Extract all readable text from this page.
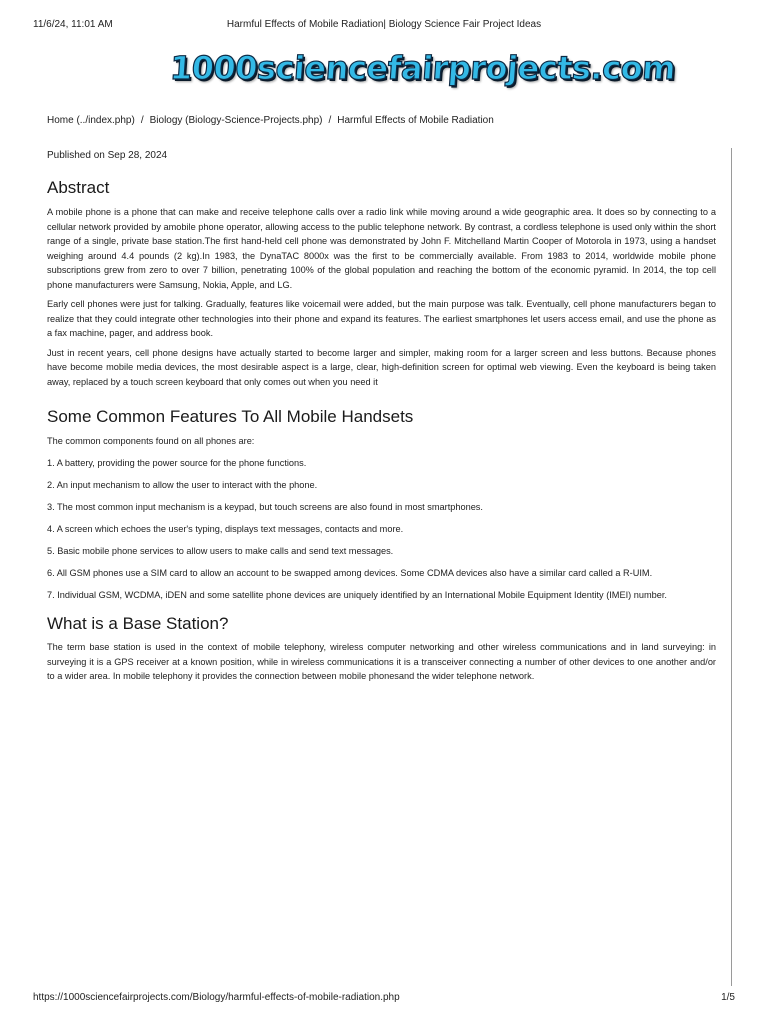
11/6/24, 11:01 AM	Harmful Effects of Mobile Radiation| Biology Science Fair Project Ideas
1000sciencefairprojects.com
Home (../index.php) / Biology (Biology-Science-Projects.php) / Harmful Effects of Mobile Radiation
Published on Sep 28, 2024
Abstract

A mobile phone is a phone that can make and receive telephone calls over a radio link while moving around a wide geographic area. It does so by connecting to a cellular network provided by amobile phone operator, allowing access to the public telephone network. By contrast, a cordless telephone is used only within the short range of a single, private base station.The first hand-held cell phone was demonstrated by John F. Mitchelland Martin Cooper of Motorola in 1973, using a handset weighing around 4.4 pounds (2 kg).In 1983, the DynaTAC 8000x was the first to be commercially available. From 1983 to 2014, worldwide mobile phone subscriptions grew from zero to over 7 billion, penetrating 100% of the global population and reaching the bottom of the economic pyramid. In 2014, the top cell phone manufacturers were Samsung, Nokia, Apple, and LG.

Early cell phones were just for talking. Gradually, features like voicemail were added, but the main purpose was talk. Eventually, cell phone manufacturers began to realize that they could integrate other technologies into their phone and expand its features. The earliest smartphones let users access email, and use the phone as a fax machine, pager, and address book.

Just in recent years, cell phone designs have actually started to become larger and simpler, making room for a larger screen and less buttons. Because phones have become mobile media devices, the most desirable aspect is a large, clear, high-definition screen for optimal web viewing. Even the keyboard is being taken away, replaced by a touch screen keyboard that only comes out when you need it

Some Common Features To All Mobile Handsets

The common components found on all phones are:

1. A battery, providing the power source for the phone functions.

2. An input mechanism to allow the user to interact with the phone.

3. The most common input mechanism is a keypad, but touch screens are also found in most smartphones.

4. A screen which echoes the user's typing, displays text messages, contacts and more.

5. Basic mobile phone services to allow users to make calls and send text messages.

6. All GSM phones use a SIM card to allow an account to be swapped among devices. Some CDMA devices also have a similar card called a R-UIM.

7. Individual GSM, WCDMA, iDEN and some satellite phone devices are uniquely identified by an International Mobile Equipment Identity (IMEI) number.

What is a Base Station?

The term base station is used in the context of mobile telephony, wireless computer networking and other wireless communications and in land surveying: in surveying it is a GPS receiver at a known position, while in wireless communications it is a transceiver connecting a number of other devices to one another and/or to a wider area. In mobile telephony it provides the connection between mobile phonesand the wider telephone network.

https://1000sciencefairprojects.com/Biology/harmful-effects-of-mobile-radiation.php	1/5
